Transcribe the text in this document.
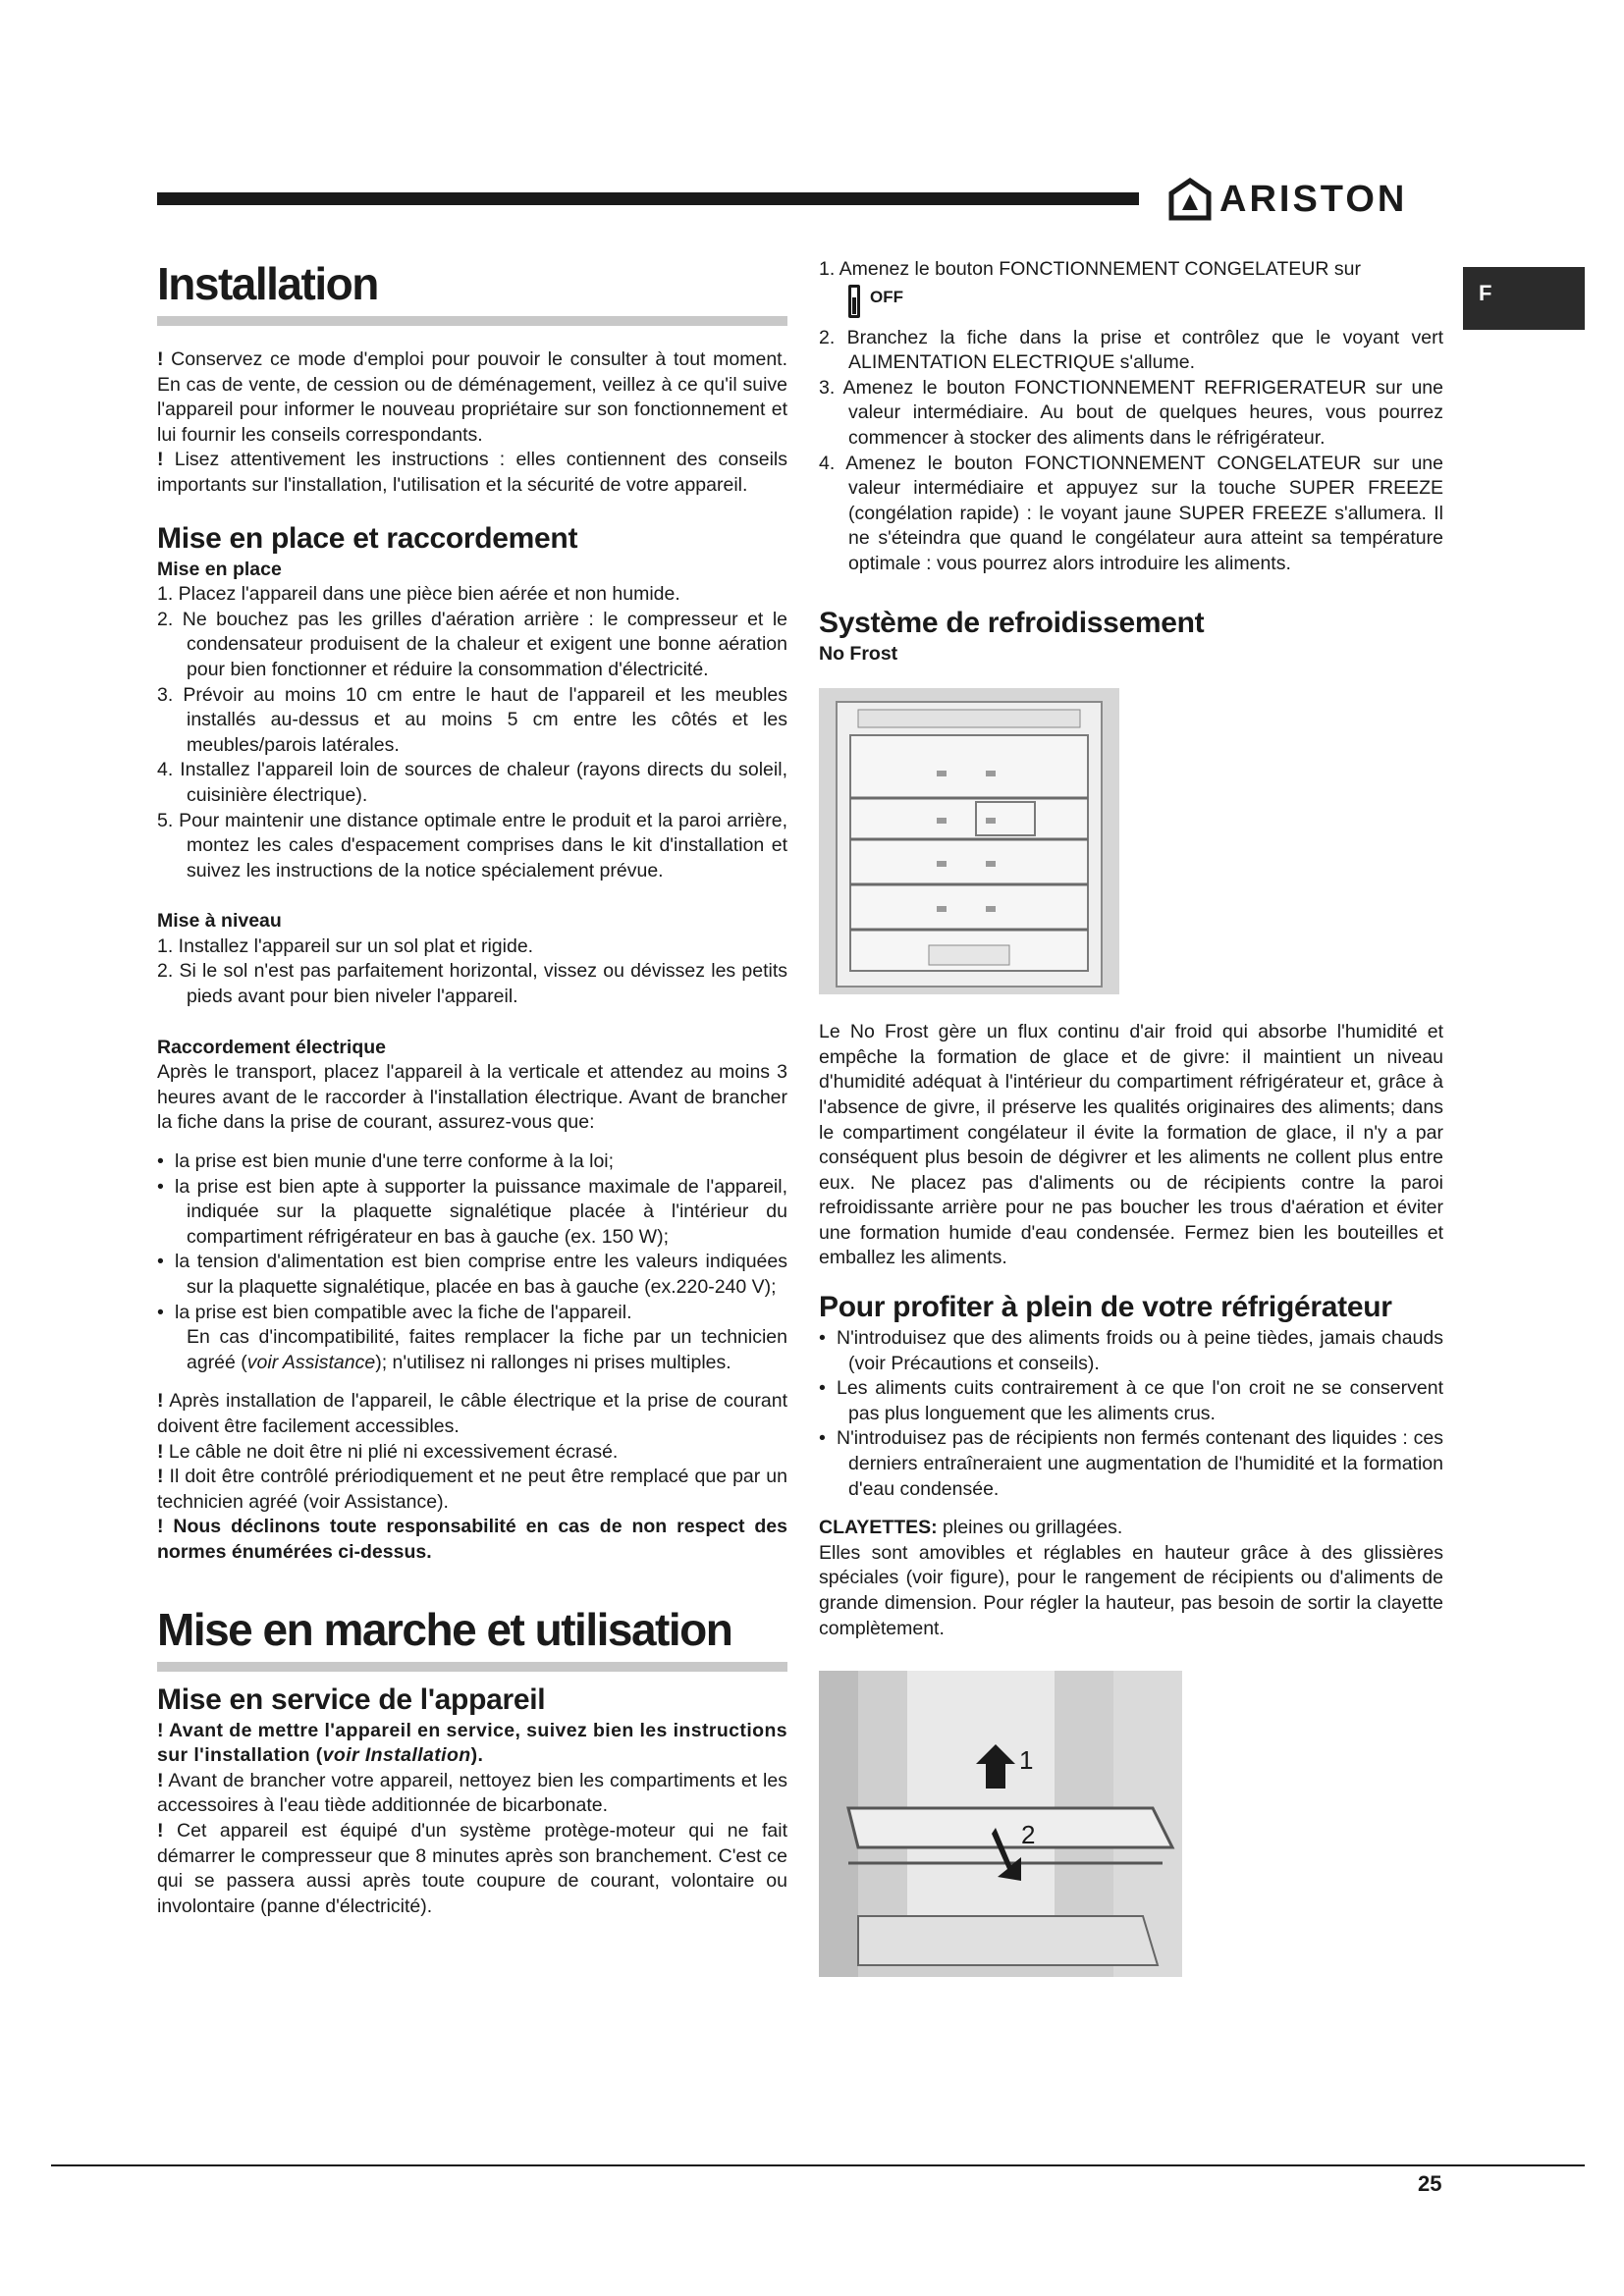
ARISTON
F
Installation

! Conservez ce mode d'emploi pour pouvoir le consulter à tout moment. En cas de vente, de cession ou de déménagement, veillez à ce qu'il suive l'appareil pour informer le nouveau propriétaire sur son fonctionnement et lui fournir les conseils correspondants.

! Lisez attentivement les instructions : elles contiennent des conseils importants sur l'installation, l'utilisation et la sécurité de votre appareil.

Mise en place et raccordement
Mise en place
1. Placez l'appareil dans une pièce bien aérée et non humide.
2. Ne bouchez pas les grilles d'aération arrière : le compresseur et le condensateur produisent de la chaleur et exigent une bonne aération pour bien fonctionner et réduire la consommation d'électricité.
3. Prévoir au moins 10 cm entre le haut de l'appareil et les meubles installés au-dessus et au moins 5 cm entre les côtés et les meubles/parois latérales.
4. Installez l'appareil loin de sources de chaleur (rayons directs du soleil, cuisinière électrique).
5. Pour maintenir une distance optimale entre le produit et la paroi arrière, montez les cales d'espacement comprises dans le kit d'installation et suivez les instructions de la notice spécialement prévue.
Mise à niveau
1. Installez l'appareil sur un sol plat et rigide.
2. Si le sol n'est pas parfaitement horizontal, vissez ou dévissez les petits pieds avant pour bien niveler l'appareil.
Raccordement électrique

Après le transport, placez l'appareil à la verticale et attendez au moins 3 heures avant de le raccorder à l'installation électrique. Avant de brancher la fiche dans la prise de courant, assurez-vous que:

• la prise est bien munie d'une terre conforme à la loi;
• la prise est bien apte à supporter la puissance maximale de l'appareil, indiquée sur la plaquette signalétique placée à l'intérieur du compartiment réfrigérateur en bas à gauche (ex. 150 W);
• la tension d'alimentation est bien comprise entre les valeurs indiquées sur la plaquette signalétique, placée en bas à gauche (ex.220-240 V);
• la prise est bien compatible avec la fiche de l'appareil.

En cas d'incompatibilité, faites remplacer la fiche par un technicien agréé (voir Assistance); n'utilisez ni rallonges ni prises multiples.

! Après installation de l'appareil, le câble électrique et la prise de courant doivent être facilement accessibles.

! Le câble ne doit être ni plié ni excessivement écrasé.

! Il doit être contrôlé prériodiquement et ne peut être remplacé que par un technicien agréé (voir Assistance).

! Nous déclinons toute responsabilité en cas de non respect des normes énumérées ci-dessus.

Mise en marche et utilisation
Mise en service de l'appareil

! Avant de mettre l'appareil en service, suivez bien les instructions sur l'installation (voir Installation).

! Avant de brancher votre appareil, nettoyez bien les compartiments et les accessoires à l'eau tiède additionnée de bicarbonate.

! Cet appareil est équipé d'un système protège-moteur qui ne fait démarrer le compresseur que 8 minutes après son branchement. C'est ce qui se passera aussi après toute coupure de courant, volontaire ou involontaire (panne d'électricité).

1. Amenez le bouton FONCTIONNEMENT CONGELATEUR sur
OFF
2. Branchez la fiche dans la prise et contrôlez que le voyant vert ALIMENTATION ELECTRIQUE s'allume.
3. Amenez le bouton FONCTIONNEMENT REFRIGERATEUR sur une valeur intermédiaire. Au bout de quelques heures, vous pourrez commencer à stocker des aliments dans le réfrigérateur.
4. Amenez le bouton FONCTIONNEMENT CONGELATEUR sur une valeur intermédiaire et appuyez sur la touche SUPER FREEZE (congélation rapide) : le voyant jaune SUPER FREEZE s'allumera. Il ne s'éteindra que quand le congélateur aura atteint sa température optimale : vous pourrez alors introduire les aliments.
Système de refroidissement
No Frost

Le No Frost gère un flux continu d'air froid qui absorbe l'humidité et empêche la formation de glace et de givre: il maintient un niveau d'humidité adéquat à l'intérieur du compartiment réfrigérateur et, grâce à l'absence de givre, il préserve les qualités originaires des aliments; dans le compartiment congélateur il évite la formation de glace, il n'y a par conséquent plus besoin de dégivrer et les aliments ne collent plus entre eux. Ne placez pas d'aliments ou de récipients contre la paroi refroidissante arrière pour ne pas boucher les trous d'aération et éviter une formation humide d'eau condensée. Fermez bien les bouteilles et emballez les aliments.

Pour profiter à plein de votre réfrigérateur
• N'introduisez que des aliments froids ou à peine tièdes, jamais chauds (voir Précautions et conseils).
• Les aliments cuits contrairement à ce que l'on croit ne se conservent pas plus longuement que les aliments crus.
• N'introduisez pas de récipients non fermés contenant des liquides : ces derniers entraîneraient une augmentation de l'humidité et la formation d'eau condensée.

CLAYETTES: pleines ou grillagées.

Elles sont amovibles et réglables en hauteur grâce à des glissières spéciales (voir figure), pour le rangement de récipients ou d'aliments de grande dimension. Pour régler la hauteur, pas besoin de sortir la clayette complètement.

1
2
25
